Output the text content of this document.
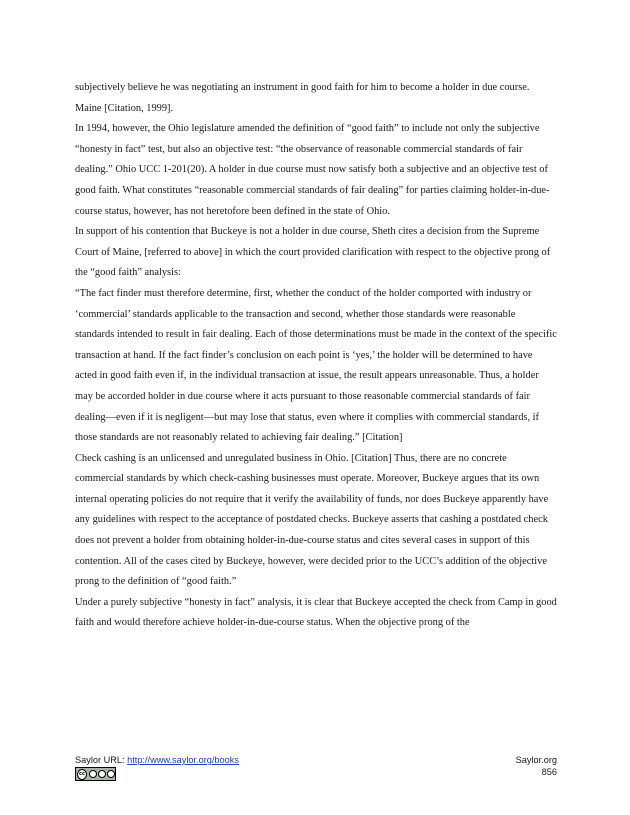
subjectively believe he was negotiating an instrument in good faith for him to become a holder in due course. Maine [Citation, 1999].

In 1994, however, the Ohio legislature amended the definition of “good faith” to include not only the subjective “honesty in fact” test, but also an objective test: “the observance of reasonable commercial standards of fair dealing.” Ohio UCC 1-201(20). A holder in due course must now satisfy both a subjective and an objective test of good faith. What constitutes “reasonable commercial standards of fair dealing” for parties claiming holder-in-due-course status, however, has not heretofore been defined in the state of Ohio.

In support of his contention that Buckeye is not a holder in due course, Sheth cites a decision from the Supreme Court of Maine, [referred to above] in which the court provided clarification with respect to the objective prong of the “good faith” analysis:

“The fact finder must therefore determine, first, whether the conduct of the holder comported with industry or ‘commercial’ standards applicable to the transaction and second, whether those standards were reasonable standards intended to result in fair dealing. Each of those determinations must be made in the context of the specific transaction at hand. If the fact finder’s conclusion on each point is ‘yes,’ the holder will be determined to have acted in good faith even if, in the individual transaction at issue, the result appears unreasonable. Thus, a holder may be accorded holder in due course where it acts pursuant to those reasonable commercial standards of fair dealing—even if it is negligent—but may lose that status, even where it complies with commercial standards, if those standards are not reasonably related to achieving fair dealing.” [Citation]

Check cashing is an unlicensed and unregulated business in Ohio. [Citation] Thus, there are no concrete commercial standards by which check-cashing businesses must operate. Moreover, Buckeye argues that its own internal operating policies do not require that it verify the availability of funds, nor does Buckeye apparently have any guidelines with respect to the acceptance of postdated checks. Buckeye asserts that cashing a postdated check does not prevent a holder from obtaining holder-in-due-course status and cites several cases in support of this contention. All of the cases cited by Buckeye, however, were decided prior to the UCC’s addition of the objective prong to the definition of “good faith.”

Under a purely subjective “honesty in fact” analysis, it is clear that Buckeye accepted the check from Camp in good faith and would therefore achieve holder-in-due-course status. When the objective prong of the

Saylor URL: http://www.saylor.org/books
cc
Saylor.org
856
